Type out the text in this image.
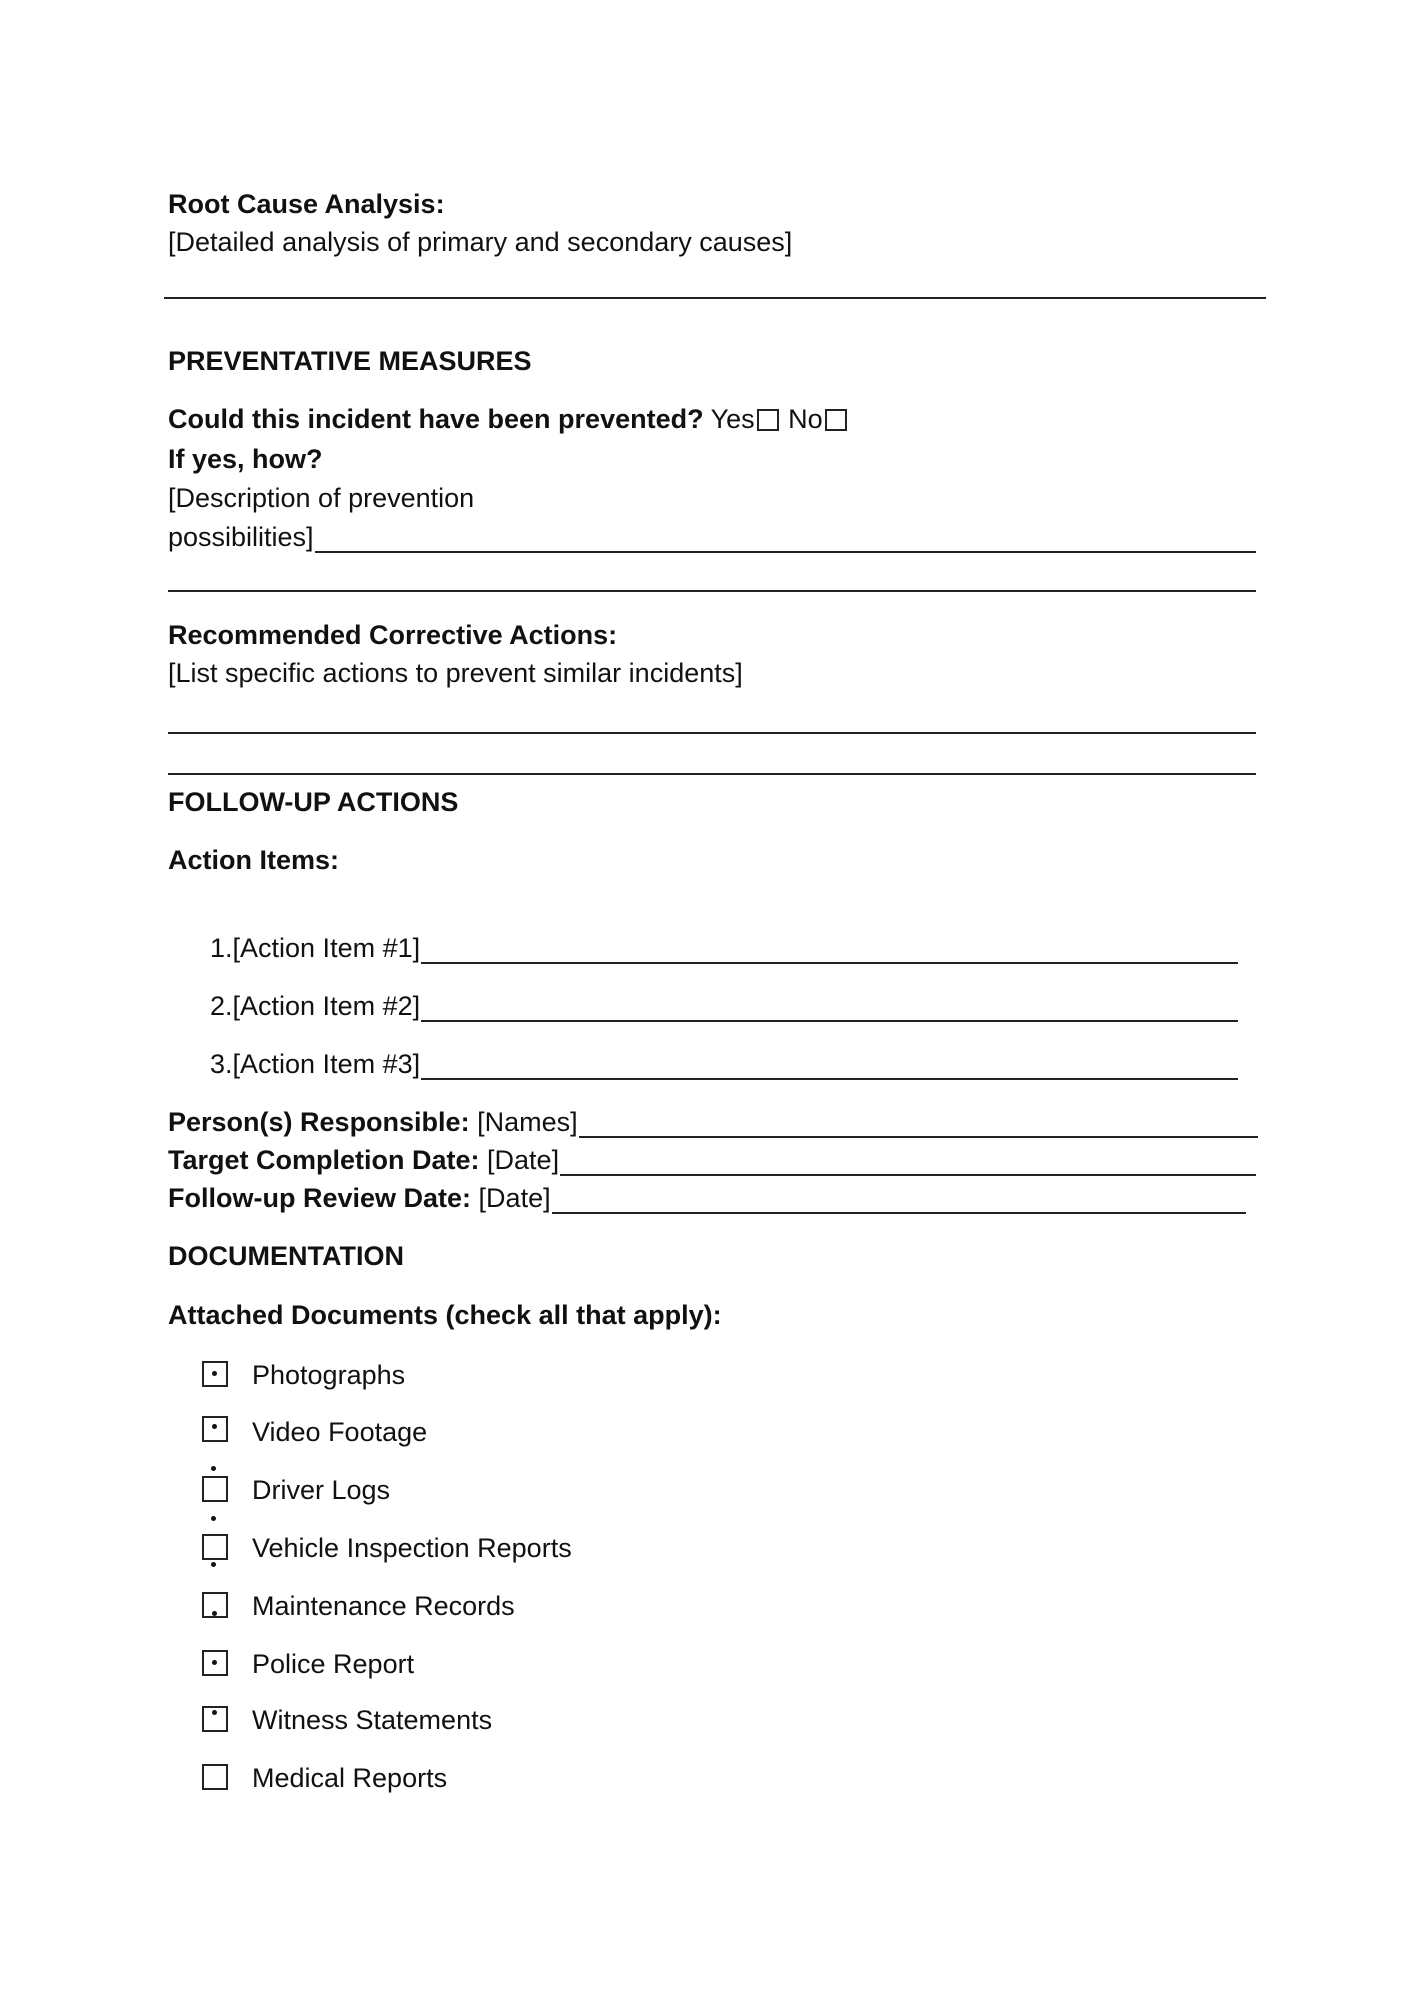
Root Cause Analysis:
[Detailed analysis of primary and secondary causes]
PREVENTATIVE MEASURES
Could this incident have been prevented? Yes No
If yes, how?
[Description of prevention
possibilities]
Recommended Corrective Actions:
[List specific actions to prevent similar incidents]
FOLLOW-UP ACTIONS
Action Items:
1.[Action Item #1]
2.[Action Item #2]
3.[Action Item #3]
Person(s) Responsible:
[Names]
Target Completion Date:
[Date]
Follow-up Review Date:
[Date]
DOCUMENTATION
Attached Documents (check all that apply):
Photographs
Video Footage
Driver Logs
Vehicle Inspection Reports
Maintenance Records
Police Report
Witness Statements
Medical Reports
